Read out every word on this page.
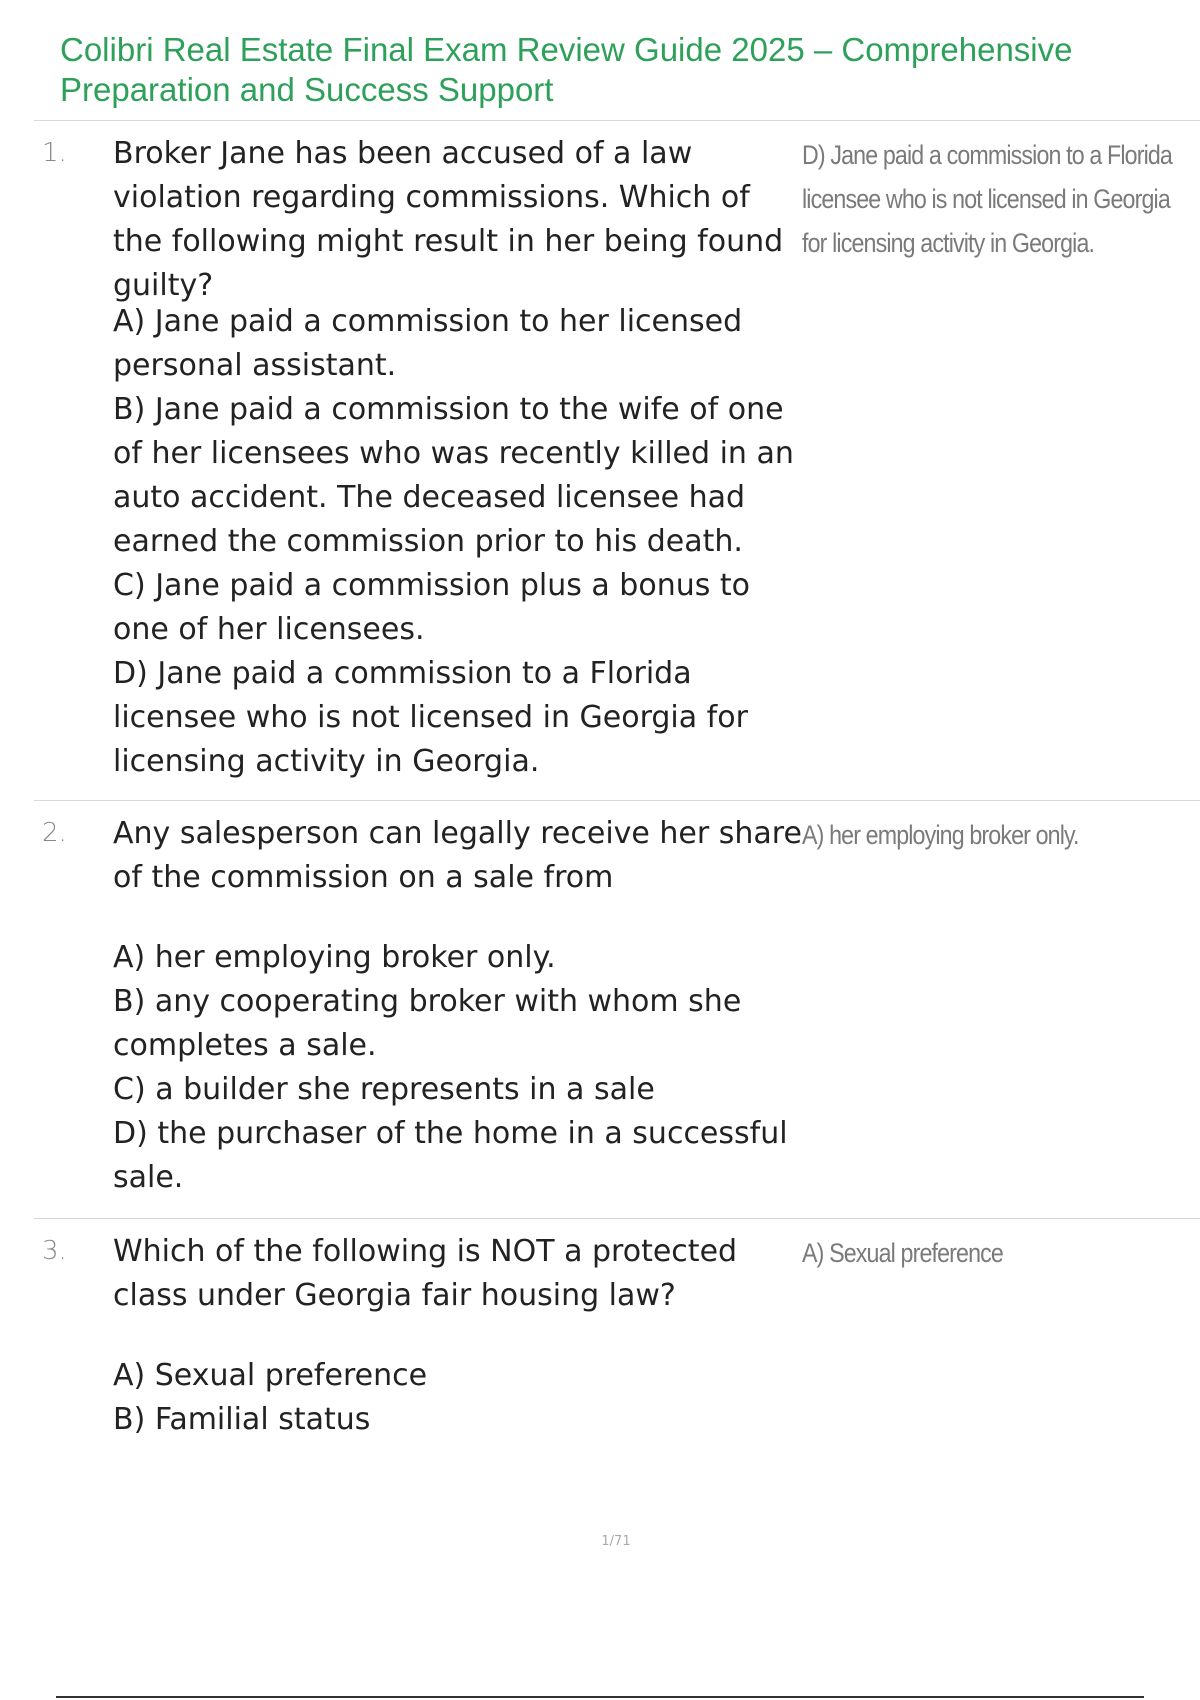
Colibri Real Estate Final Exam Review Guide 2025 – Comprehensive Preparation and Success Support
1.	Broker Jane has been accused of a law violation regarding commissions. Which of the following might result in her being found guilty?
D) Jane paid a commission to a Florida licensee who is not licensed in Georgia for licensing activity in Georgia.
A) Jane paid a commission to her licensed personal assistant.
B) Jane paid a commission to the wife of one of her licensees who was recently killed in an auto accident. The deceased licensee had earned the commission prior to his death.
C) Jane paid a commission plus a bonus to one of her licensees.
D) Jane paid a commission to a Florida licensee who is not licensed in Georgia for licensing activity in Georgia.
2.	Any salesperson can legally receive her share of the commission on a sale from
A) her employing broker only.
A) her employing broker only.
B) any cooperating broker with whom she completes a sale.
C) a builder she represents in a sale
D) the purchaser of the home in a successful sale.
3.	Which of the following is NOT a protected class under Georgia fair housing law?
A) Sexual preference
A) Sexual preference
B) Familial status
1/71
